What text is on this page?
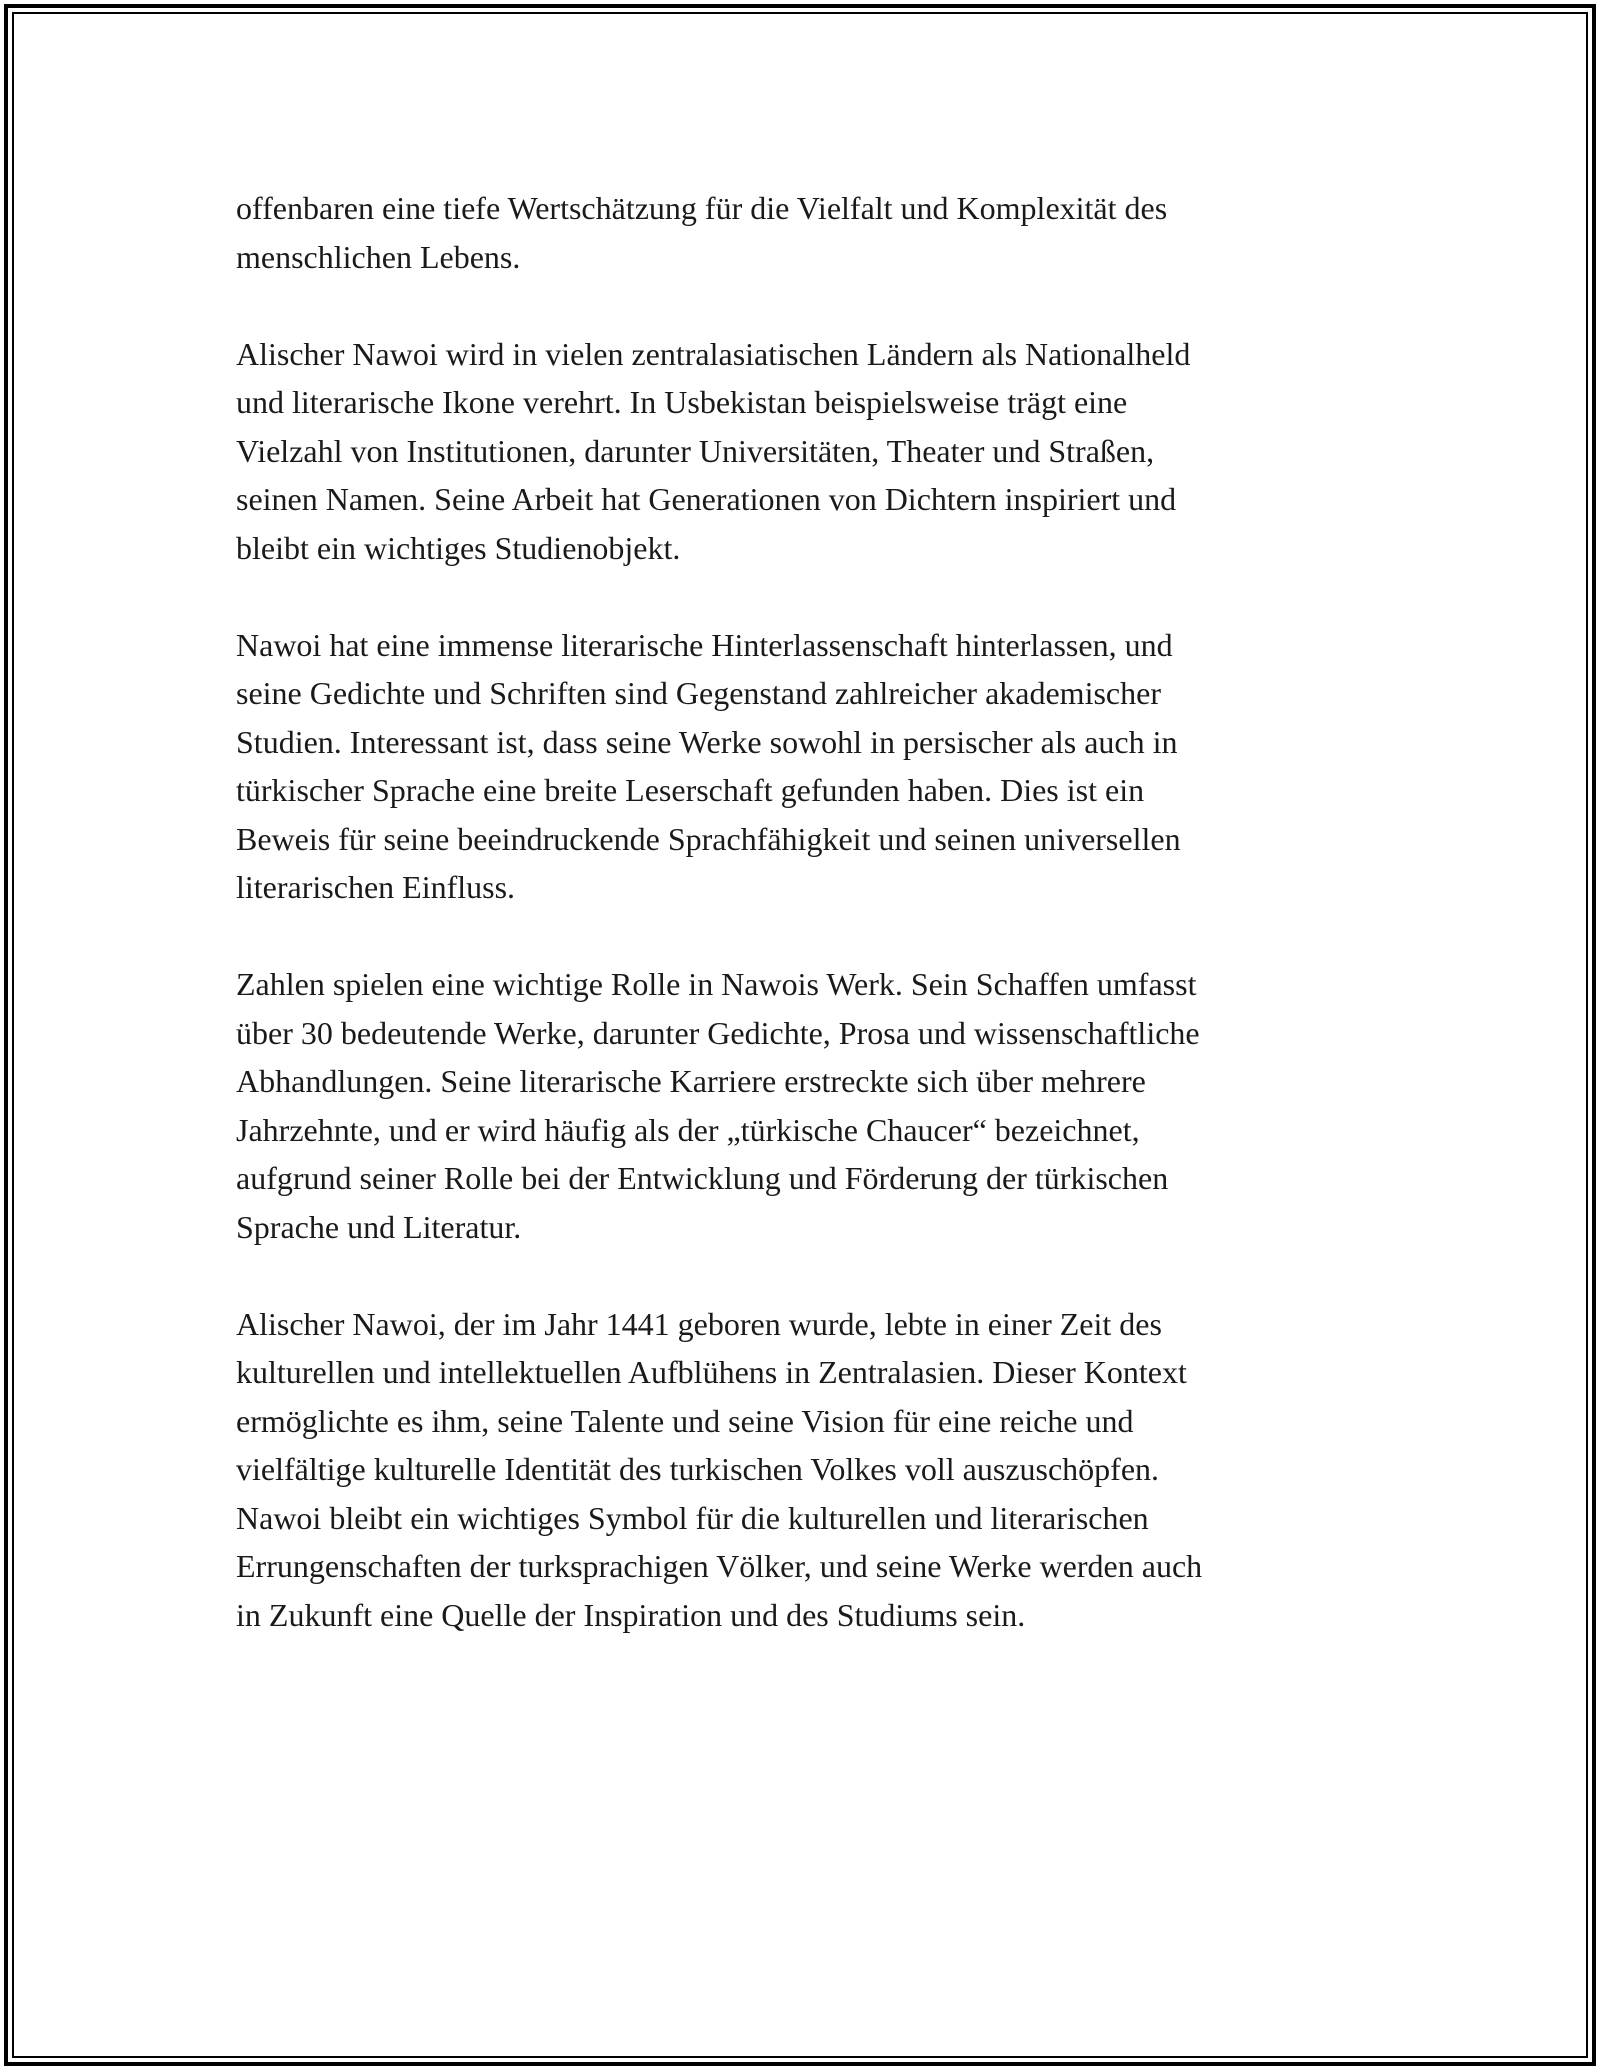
offenbaren eine tiefe Wertschätzung für die Vielfalt und Komplexität des
menschlichen Lebens.

Alischer Nawoi wird in vielen zentralasiatischen Ländern als Nationalheld
und literarische Ikone verehrt. In Usbekistan beispielsweise trägt eine
Vielzahl von Institutionen, darunter Universitäten, Theater und Straßen,
seinen Namen. Seine Arbeit hat Generationen von Dichtern inspiriert und
bleibt ein wichtiges Studienobjekt.

Nawoi hat eine immense literarische Hinterlassenschaft hinterlassen, und
seine Gedichte und Schriften sind Gegenstand zahlreicher akademischer
Studien. Interessant ist, dass seine Werke sowohl in persischer als auch in
türkischer Sprache eine breite Leserschaft gefunden haben. Dies ist ein
Beweis für seine beeindruckende Sprachfähigkeit und seinen universellen
literarischen Einfluss.

Zahlen spielen eine wichtige Rolle in Nawois Werk. Sein Schaffen umfasst
über 30 bedeutende Werke, darunter Gedichte, Prosa und wissenschaftliche
Abhandlungen. Seine literarische Karriere erstreckte sich über mehrere
Jahrzehnte, und er wird häufig als der „türkische Chaucer“ bezeichnet,
aufgrund seiner Rolle bei der Entwicklung und Förderung der türkischen
Sprache und Literatur.

Alischer Nawoi, der im Jahr 1441 geboren wurde, lebte in einer Zeit des
kulturellen und intellektuellen Aufblühens in Zentralasien. Dieser Kontext
ermöglichte es ihm, seine Talente und seine Vision für eine reiche und
vielfältige kulturelle Identität des turkischen Volkes voll auszuschöpfen.
Nawoi bleibt ein wichtiges Symbol für die kulturellen und literarischen
Errungenschaften der turksprachigen Völker, und seine Werke werden auch
in Zukunft eine Quelle der Inspiration und des Studiums sein.
